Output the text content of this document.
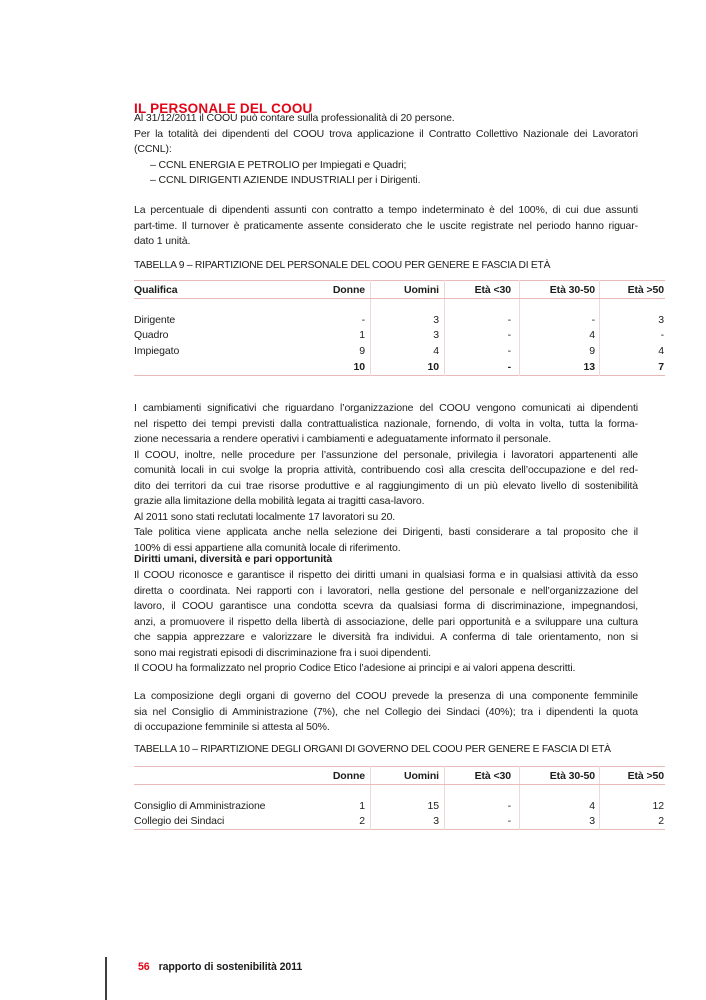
IL PERSONALE DEL COOU
Al 31/12/2011 il COOU può contare sulla professionalità di 20 persone.
Per la totalità dei dipendenti del COOU trova applicazione il Contratto Collettivo Nazionale dei Lavoratori
(CCNL):
– CCNL ENERGIA E PETROLIO per Impiegati e Quadri;
– CCNL DIRIGENTI AZIENDE INDUSTRIALI per i Dirigenti.
La percentuale di dipendenti assunti con contratto a tempo indeterminato è del 100%, di cui due assunti
part-time. Il turnover è praticamente assente considerato che le uscite registrate nel periodo hanno riguar-
dato 1 unità.
TABELLA 9 – RIPARTIZIONE DEL PERSONALE DEL COOU PER GENERE E FASCIA DI ETÀ
Qualifica	Donne	Uomini	Età <30	Età 30-50	Età >50

Dirigente	-	3	-	-	3
Quadro	1	3	-	4	-
Impiegato	9	4	-	9	4
	10	10	-	13	7
I cambiamenti significativi che riguardano l’organizzazione del COOU vengono comunicati ai dipendenti
nel rispetto dei tempi previsti dalla contrattualistica nazionale, fornendo, di volta in volta, tutta la forma-
zione necessaria a rendere operativi i cambiamenti e adeguatamente informato il personale.
Il COOU, inoltre, nelle procedure per l’assunzione del personale, privilegia i lavoratori appartenenti alle
comunità locali in cui svolge la propria attività, contribuendo così alla crescita dell’occupazione e del red-
dito dei territori da cui trae risorse produttive e al raggiungimento di un più elevato livello di sostenibilità
grazie alla limitazione della mobilità legata ai tragitti casa-lavoro.
Al 2011 sono stati reclutati localmente 17 lavoratori su 20.
Tale politica viene applicata anche nella selezione dei Dirigenti, basti considerare a tal proposito che il
100% di essi appartiene alla comunità locale di riferimento.
Diritti umani, diversità e pari opportunità
Il COOU riconosce e garantisce il rispetto dei diritti umani in qualsiasi forma e in qualsiasi attività da esso
diretta o coordinata. Nei rapporti con i lavoratori, nella gestione del personale e nell’organizzazione del
lavoro, il COOU garantisce una condotta scevra da qualsiasi forma di discriminazione, impegnandosi,
anzi, a promuovere il rispetto della libertà di associazione, delle pari opportunità e a sviluppare una cultura
che sappia apprezzare e valorizzare le diversità fra individui. A conferma di tale orientamento, non si
sono mai registrati episodi di discriminazione fra i suoi dipendenti.
Il COOU ha formalizzato nel proprio Codice Etico l’adesione ai principi e ai valori appena descritti.
La composizione degli organi di governo del COOU prevede la presenza di una componente femminile
sia nel Consiglio di Amministrazione (7%), che nel Collegio dei Sindaci (40%); tra i dipendenti la quota
di occupazione femminile si attesta al 50%.
TABELLA 10 – RIPARTIZIONE DEGLI ORGANI DI GOVERNO DEL COOU PER GENERE E FASCIA DI ETÀ
	Donne	Uomini	Età <30	Età 30-50	Età >50

Consiglio di Amministrazione	1	15	-	4	12
Collegio dei Sindaci	2	3	-	3	2
56 rapporto di sostenibilità 2011
